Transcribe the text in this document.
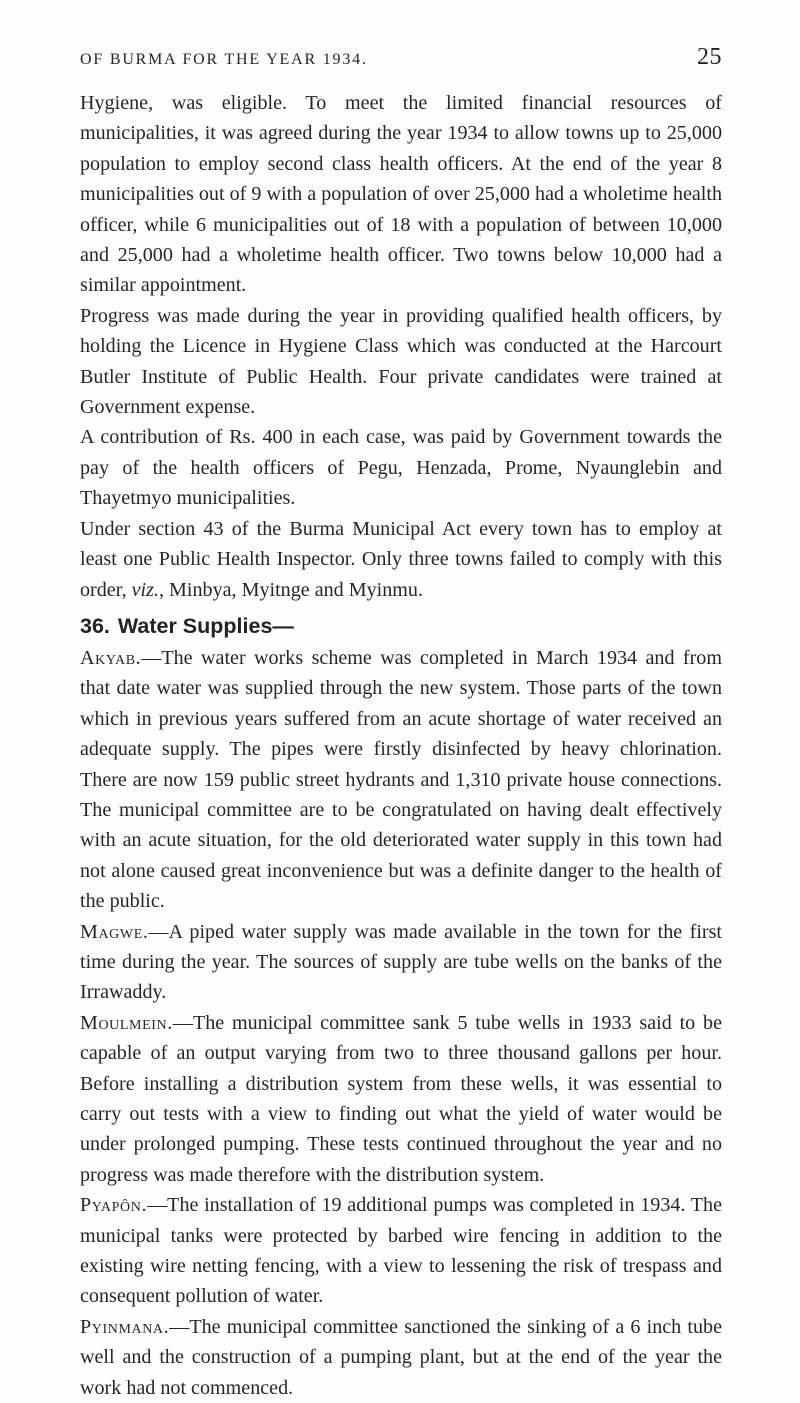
OF BURMA FOR THE YEAR 1934.	25

Hygiene, was eligible. To meet the limited financial resources of municipalities, it was agreed during the year 1934 to allow towns up to 25,000 population to employ second class health officers. At the end of the year 8 municipalities out of 9 with a population of over 25,000 had a wholetime health officer, while 6 municipalities out of 18 with a population of between 10,000 and 25,000 had a wholetime health officer. Two towns below 10,000 had a similar appointment.

Progress was made during the year in providing qualified health officers, by holding the Licence in Hygiene Class which was conducted at the Harcourt Butler Institute of Public Health. Four private candidates were trained at Government expense.

A contribution of Rs. 400 in each case, was paid by Government towards the pay of the health officers of Pegu, Henzada, Prome, Nyaunglebin and Thayetmyo municipalities.

Under section 43 of the Burma Municipal Act every town has to employ at least one Public Health Inspector. Only three towns failed to comply with this order, viz., Minbya, Myitnge and Myinmu.

36. Water Supplies—

Akyab.—The water works scheme was completed in March 1934 and from that date water was supplied through the new system. Those parts of the town which in previous years suffered from an acute shortage of water received an adequate supply. The pipes were firstly disinfected by heavy chlorination. There are now 159 public street hydrants and 1,310 private house connections. The municipal committee are to be congratulated on having dealt effectively with an acute situation, for the old deteriorated water supply in this town had not alone caused great inconvenience but was a definite danger to the health of the public.

Magwe.—A piped water supply was made available in the town for the first time during the year. The sources of supply are tube wells on the banks of the Irrawaddy.

Moulmein.—The municipal committee sank 5 tube wells in 1933 said to be capable of an output varying from two to three thousand gallons per hour. Before installing a distribution system from these wells, it was essential to carry out tests with a view to finding out what the yield of water would be under prolonged pumping. These tests continued throughout the year and no progress was made therefore with the distribution system.

Pyapôn.—The installation of 19 additional pumps was completed in 1934. The municipal tanks were protected by barbed wire fencing in addition to the existing wire netting fencing, with a view to lessening the risk of trespass and consequent pollution of water.

Pyinmana.—The municipal committee sanctioned the sinking of a 6 inch tube well and the construction of a pumping plant, but at the end of the year the work had not commenced.
